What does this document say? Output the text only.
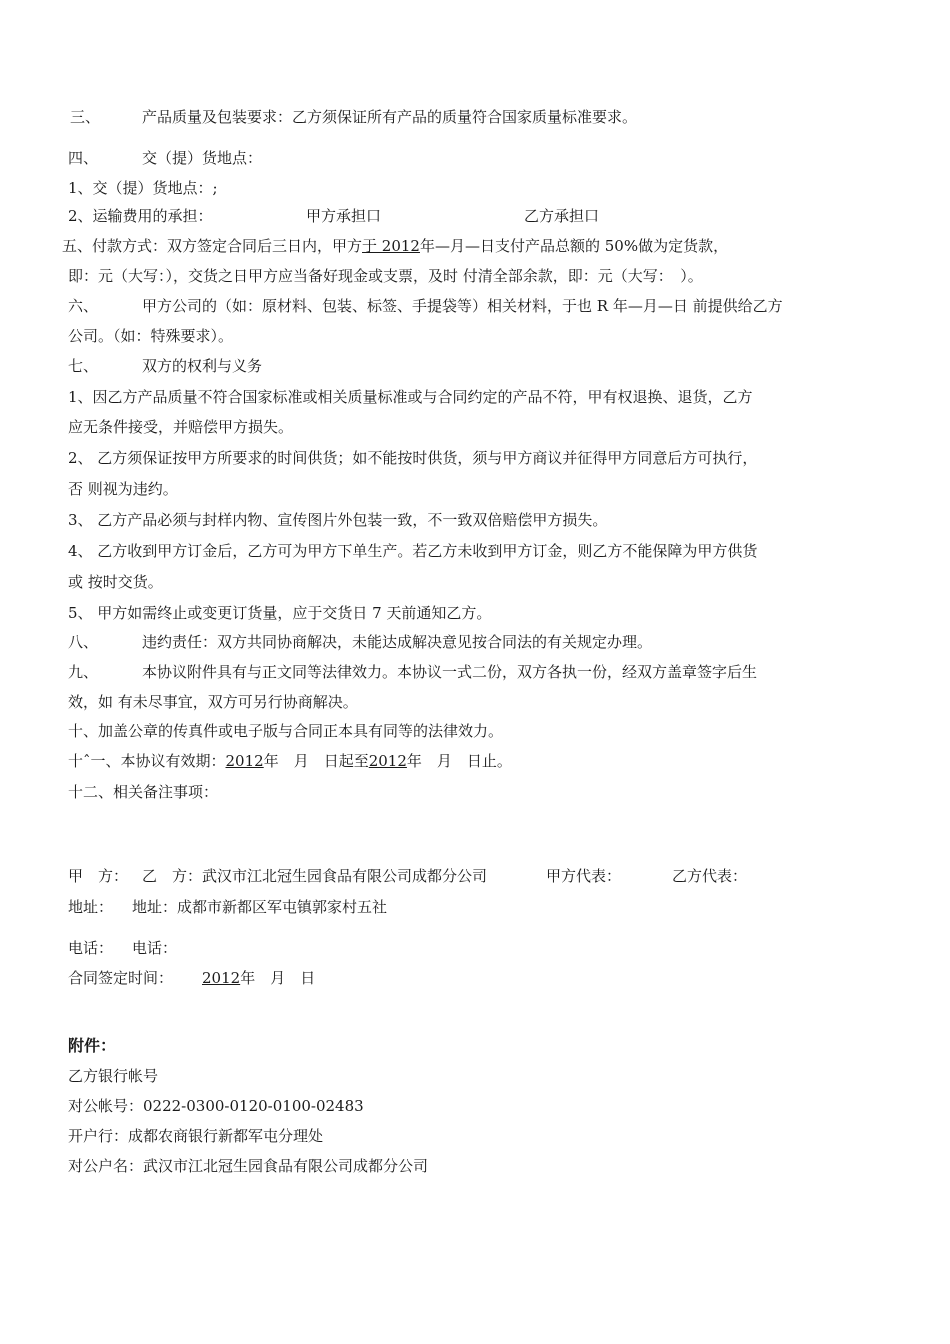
三、	产品质量及包装要求：乙方须保证所有产品的质量符合国家质量标准要求。
四、	交（提）货地点：
1、交（提）货地点：;
2、运输费用的承担：	甲方承担口	乙方承担口
五、付款方式：双方签定合同后三日内，甲方于 2012年—月—日支付产品总额的 50%做为定货款，
即：元（大写：），交货之日甲方应当备好现金或支票，及时 付清全部余款，即：元（大写：　）。
六、	甲方公司的（如：原材料、包装、标签、手提袋等）相关材料，于也 R 年—月—日 前提供给乙方
公司。（如：特殊要求）。
七、	双方的权利与义务
1、因乙方产品质量不符合国家标准或相关质量标准或与合同约定的产品不符，甲有权退换、退货，乙方
应无条件接受，并赔偿甲方损失。
2、 乙方须保证按甲方所要求的时间供货；如不能按时供货，须与甲方商议并征得甲方同意后方可执行，
否 则视为违约。
3、 乙方产品必须与封样内物、宣传图片外包装一致，不一致双倍赔偿甲方损失。
4、 乙方收到甲方订金后，乙方可为甲方下单生产。若乙方未收到甲方订金，则乙方不能保障为甲方供货
或 按时交货。
5、 甲方如需终止或变更订货量，应于交货日 7 天前通知乙方。
八、	违约责任：双方共同协商解决，未能达成解决意见按合同法的有关规定办理。
九、	本协议附件具有与正文同等法律效力。本协议一式二份，双方各执一份，经双方盖章签字后生
效，如 有未尽事宜，双方可另行协商解决。
十、加盖公章的传真件或电子版与合同正本具有同等的法律效力。
十ˆ一、本协议有效期：2012年　月　日起至2012年　月　日止。
十二、相关备注事项：
甲　方： 乙　方：武汉市江北冠生园食品有限公司成都分公司	甲方代表：	乙方代表：
地址： 地址：成都市新都区军屯镇郭家村五社
电话： 电话：
合同签定时间： 2012年　月　日
附件：
乙方银行帐号
对公帐号：0222-0300-0120-0100-02483
开户行：成都农商银行新都军屯分理处
对公户名：武汉市江北冠生园食品有限公司成都分公司
